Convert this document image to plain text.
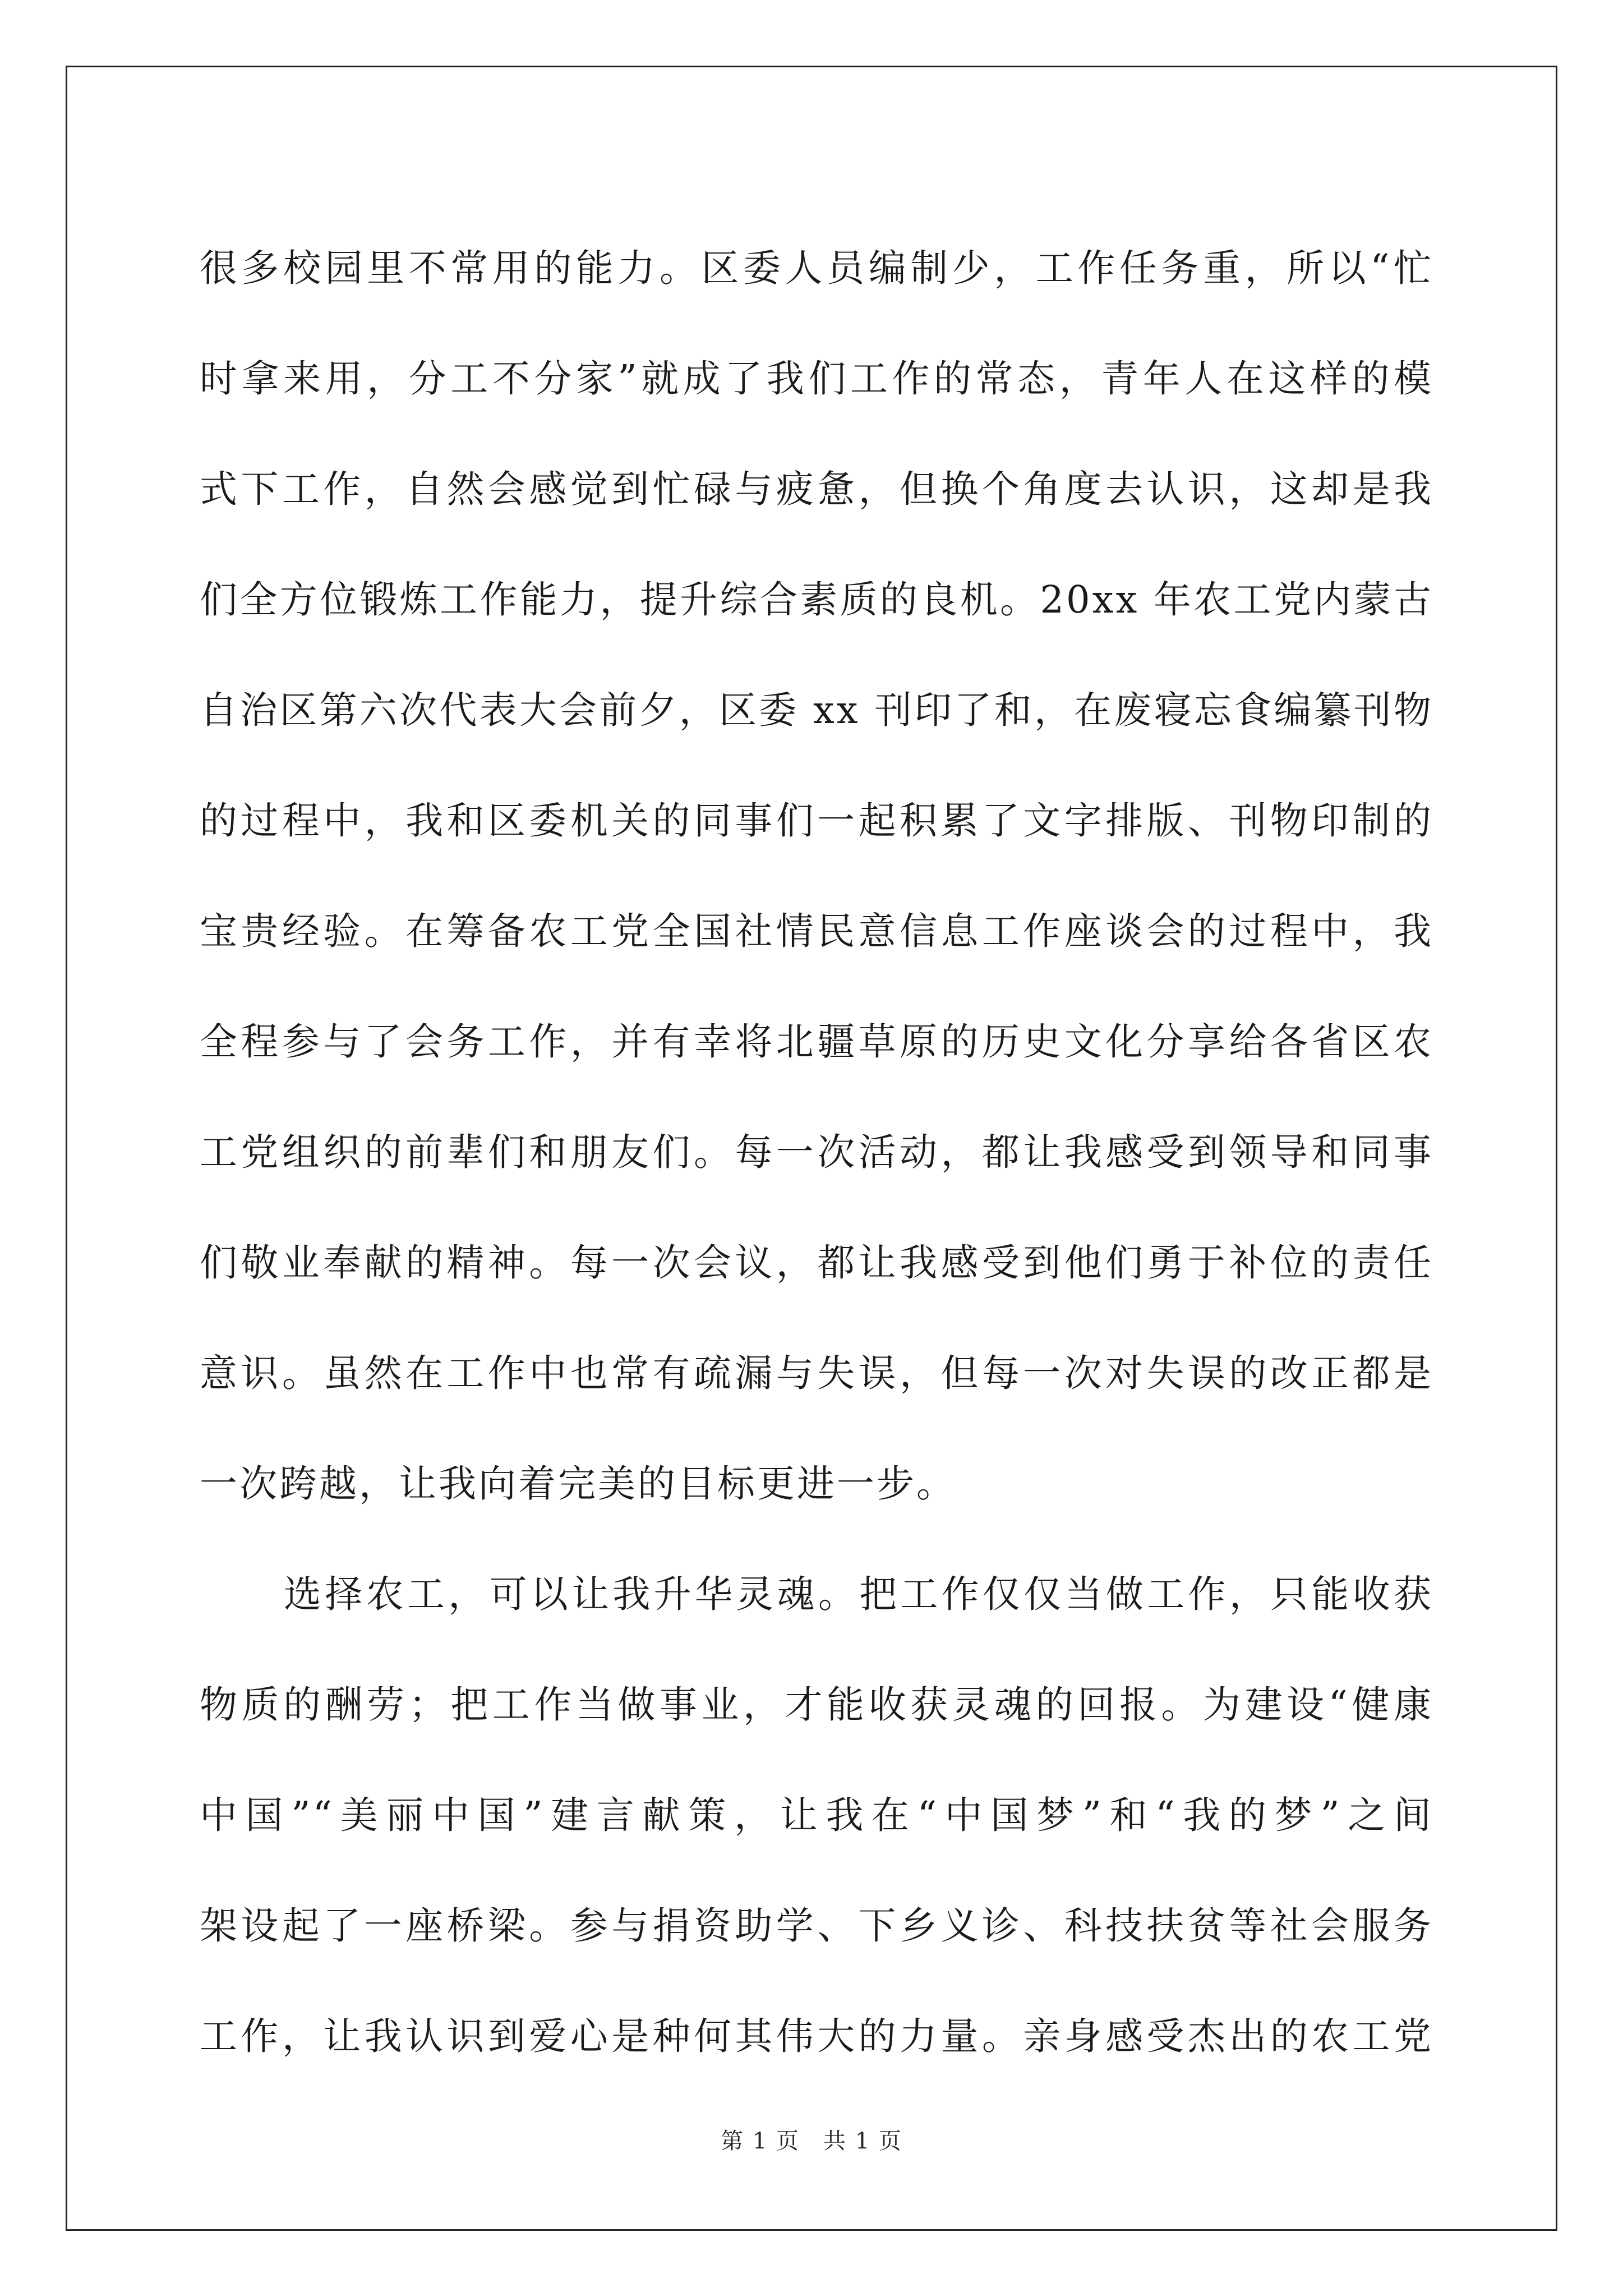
很多校园里不常用的能力。区委人员编制少，工作任务重，所以“忙
时拿来用，分工不分家”就成了我们工作的常态，青年人在这样的模
式下工作，自然会感觉到忙碌与疲惫，但换个角度去认识，这却是我
们全方位锻炼工作能力，提升综合素质的良机。20xx 年农工党内蒙古
自治区第六次代表大会前夕，区委 xx 刊印了和，在废寝忘食编纂刊物
的过程中，我和区委机关的同事们一起积累了文字排版、刊物印制的
宝贵经验。在筹备农工党全国社情民意信息工作座谈会的过程中，我
全程参与了会务工作，并有幸将北疆草原的历史文化分享给各省区农
工党组织的前辈们和朋友们。每一次活动，都让我感受到领导和同事
们敬业奉献的精神。每一次会议，都让我感受到他们勇于补位的责任
意识。虽然在工作中也常有疏漏与失误，但每一次对失误的改正都是
一次跨越，让我向着完美的目标更进一步。

选择农工，可以让我升华灵魂。把工作仅仅当做工作，只能收获
物质的酬劳；把工作当做事业，才能收获灵魂的回报。为建设“健康
中国”“美丽中国”建言献策，让我在“中国梦”和“我的梦”之间
架设起了一座桥梁。参与捐资助学、下乡义诊、科技扶贫等社会服务
工作，让我认识到爱心是种何其伟大的力量。亲身感受杰出的农工党

第 1 页　共 1 页
